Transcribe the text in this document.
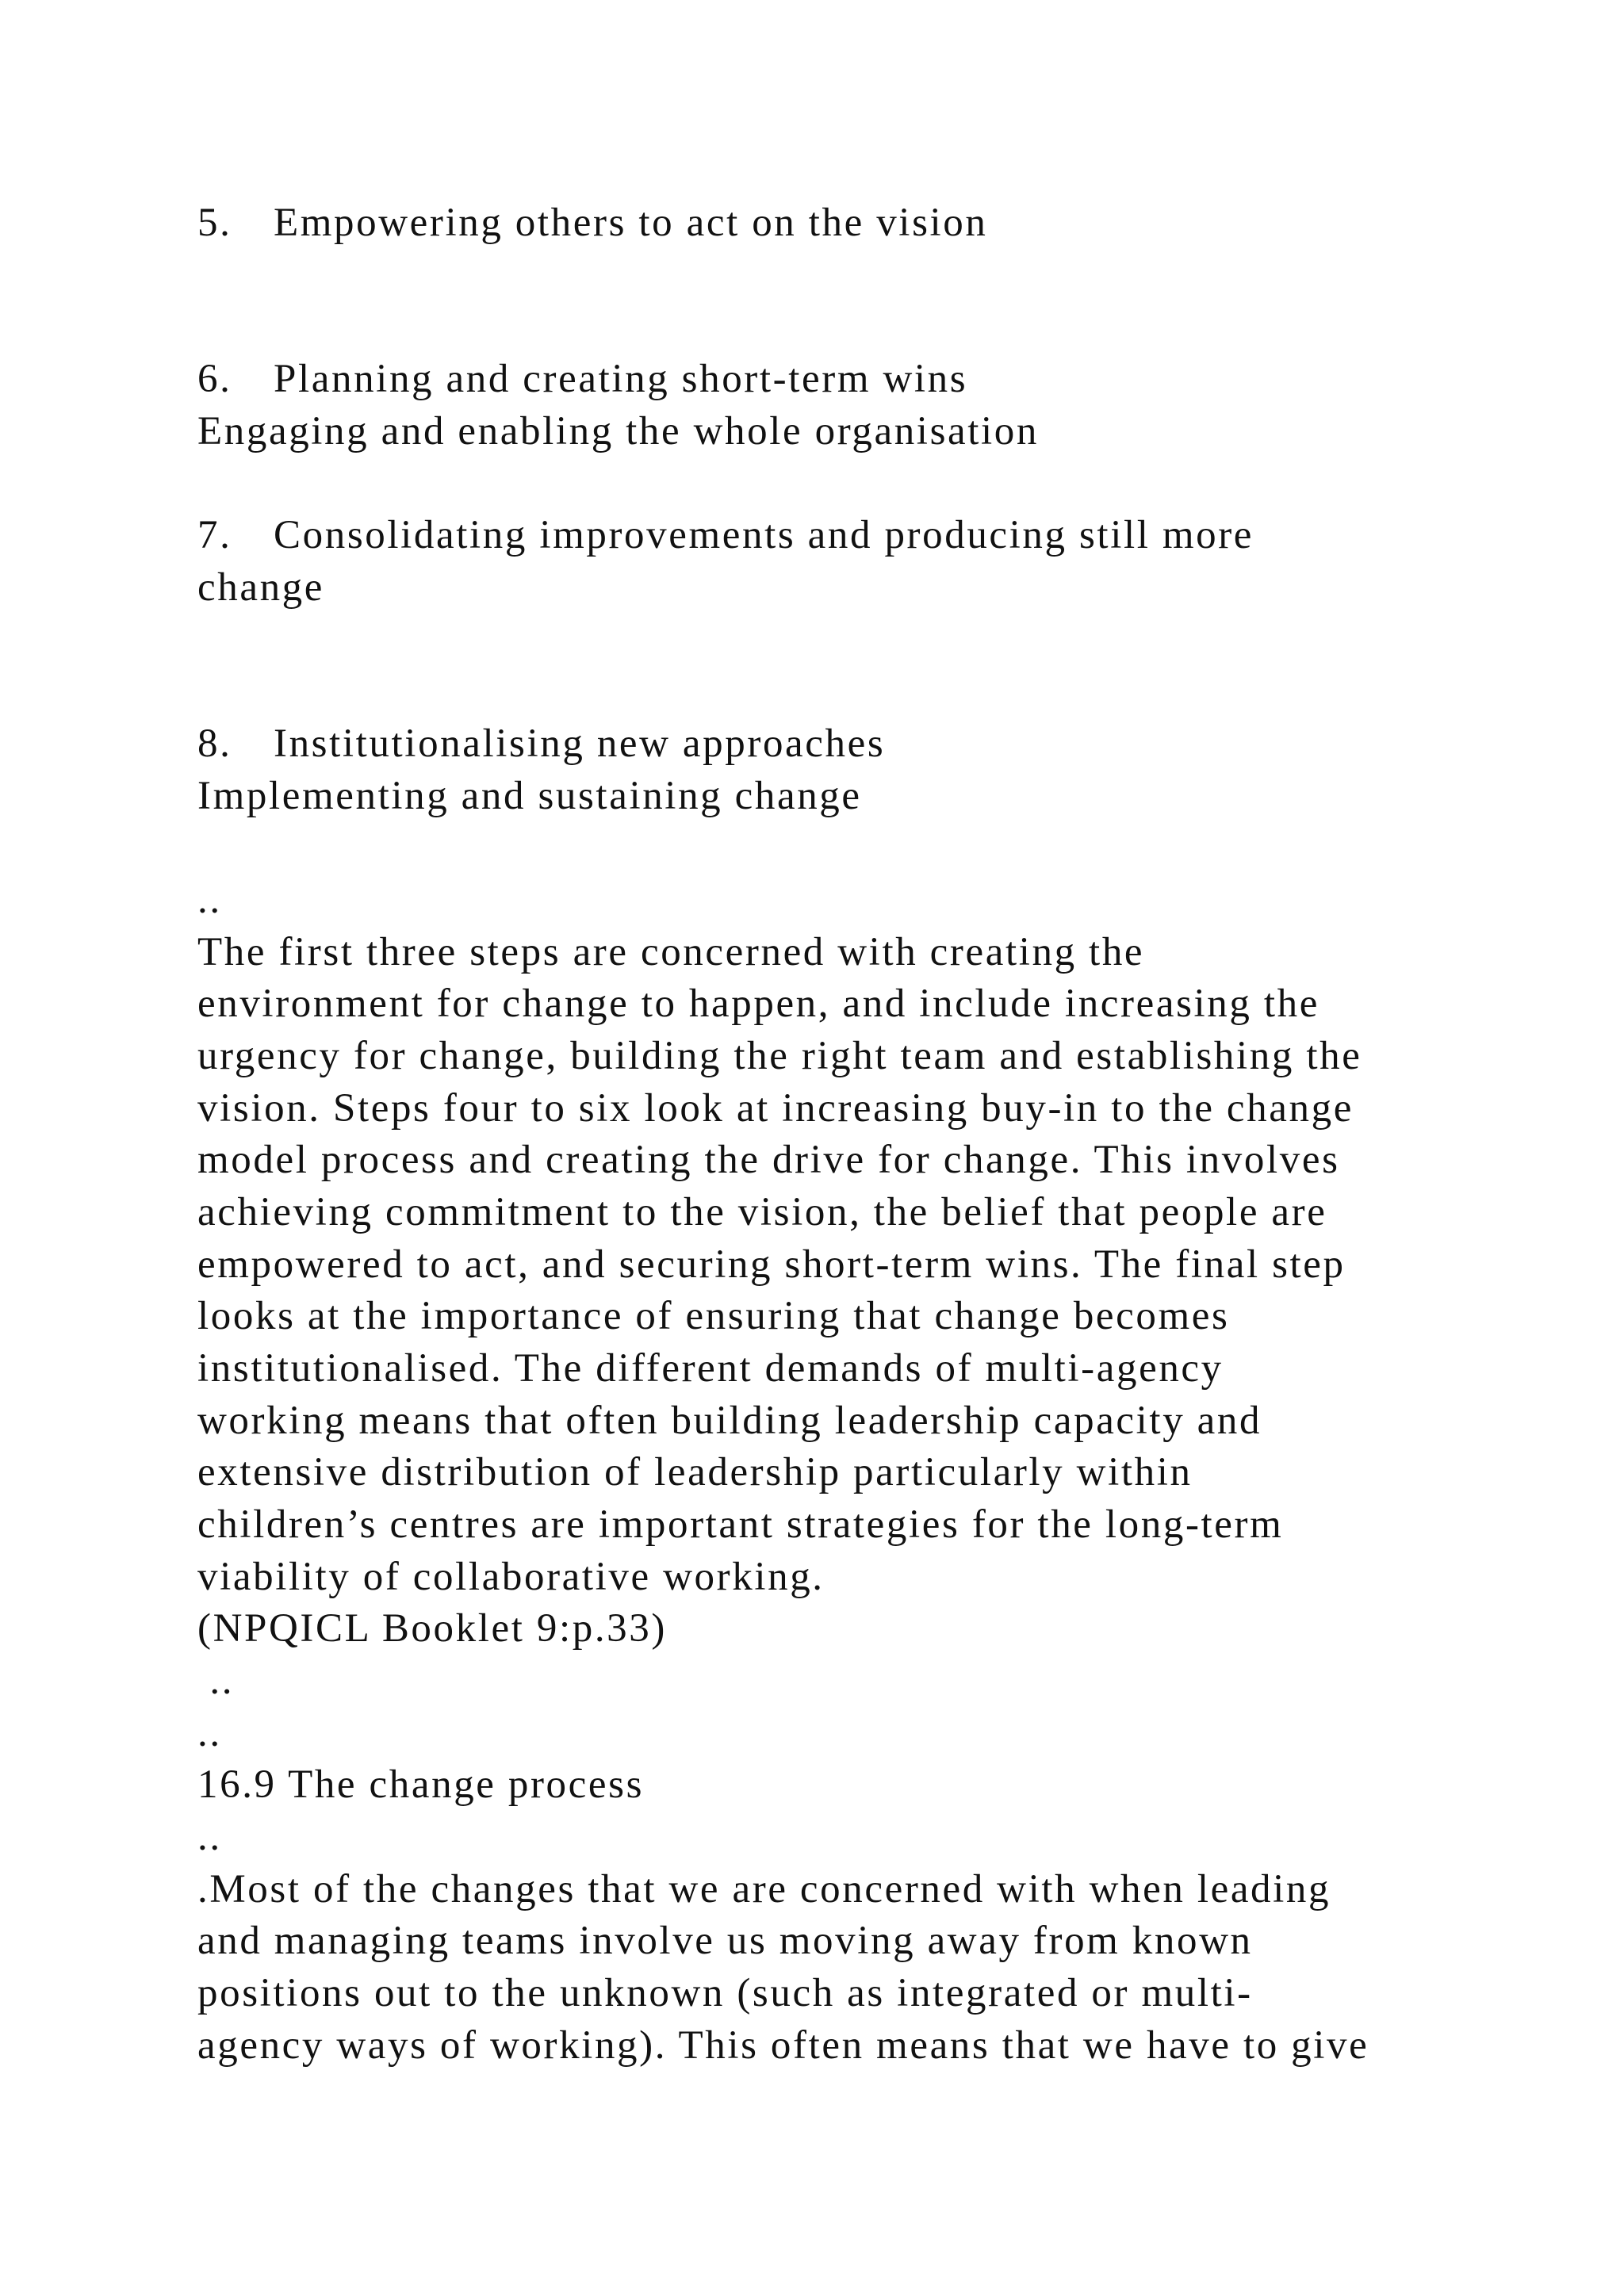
5. Empowering others to act on the vision

6. Planning and creating short-term wins

Engaging and enabling the whole organisation

7. Consolidating improvements and producing still more

change

8. Institutionalising new approaches

Implementing and sustaining change

..

The first three steps are concerned with creating the

environment for change to happen, and include increasing the

urgency for change, building the right team and establishing the

vision. Steps four to six look at increasing buy-in to the change

model process and creating the drive for change. This involves

achieving commitment to the vision, the belief that people are

empowered to act, and securing short-term wins. The final step

looks at the importance of ensuring that change becomes

institutionalised. The different demands of multi-agency

working means that often building leadership capacity and

extensive distribution of leadership particularly within

children’s centres are important strategies for the long-term

viability of collaborative working.

(NPQICL Booklet 9:p.33)

..

..

16.9 The change process

..

.Most of the changes that we are concerned with when leading

and managing teams involve us moving away from known

positions out to the unknown (such as integrated or multi-

agency ways of working). This often means that we have to give
